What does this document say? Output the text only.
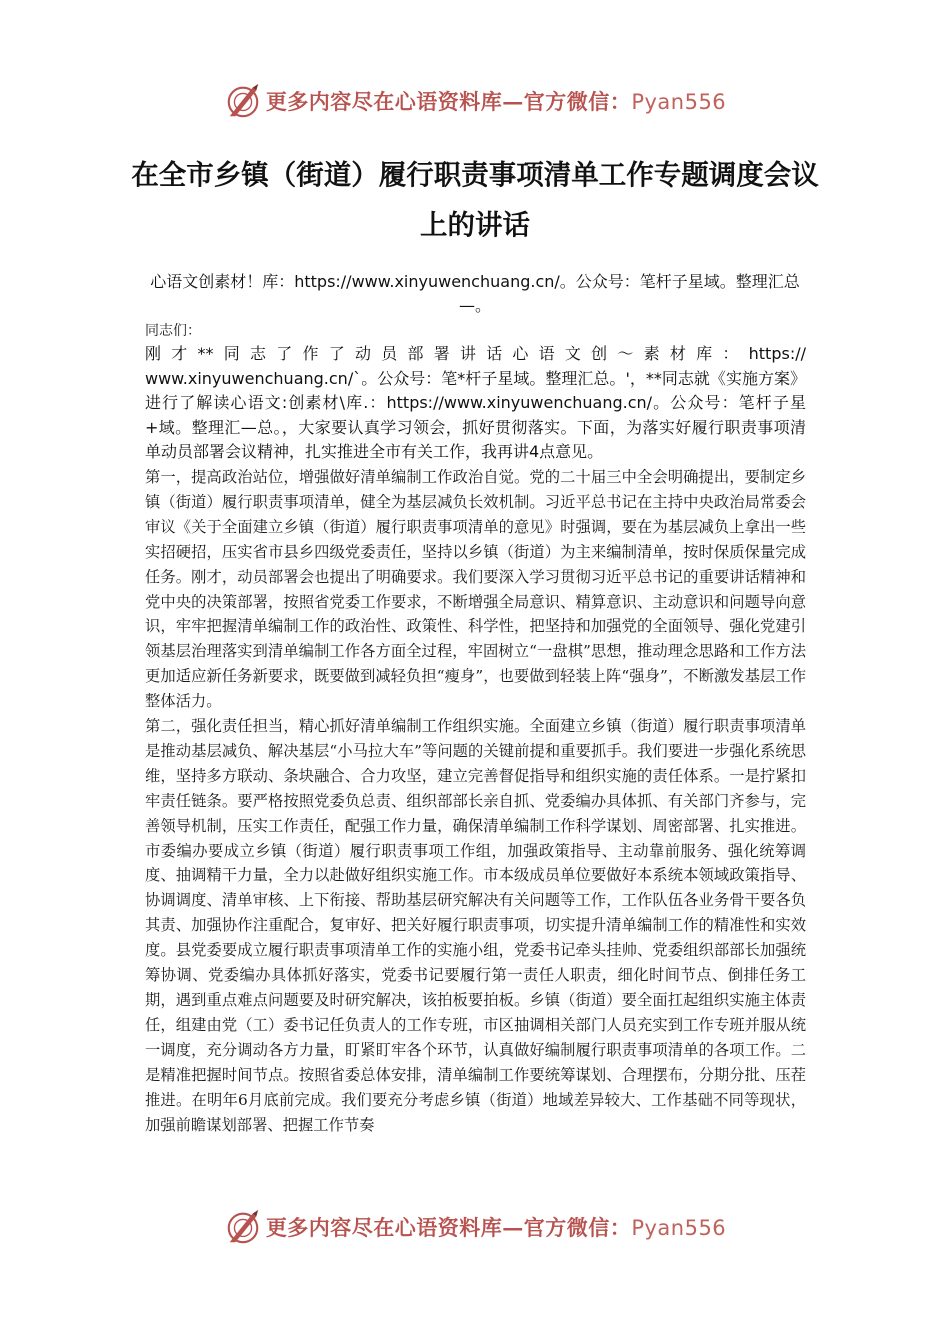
更多内容尽在心语资料库—官方微信：Pyan556
在全市乡镇（街道）履行职责事项清单工作专题调度会议上的讲话
心语文创素材！库：https://www.xinyuwenchuang.cn/。公众号：笔杆子星域。整理汇总—。

同志们：

刚才**同志了作了动员部署讲话心语文创～素材库：https://

www.xinyuwenchuang.cn/`。公众号：笔*杆子星域。整理汇总。'，**同志就《实施方案》进行了解读心语文:创素材\库.：https://www.xinyuwenchuang.cn/。公众号：笔杆子星+域。整理汇—总。，大家要认真学习领会，抓好贯彻落实。下面，为落实好履行职责事项清单动员部署会议精神，扎实推进全市有关工作，我再讲4点意见。

第一，提高政治站位，增强做好清单编制工作政治自觉。党的二十届三中全会明确提出，要制定乡镇（街道）履行职责事项清单，健全为基层减负长效机制。习近平总书记在主持中央政治局常委会审议《关于全面建立乡镇（街道）履行职责事项清单的意见》时强调，要在为基层减负上拿出一些实招硬招，压实省市县乡四级党委责任，坚持以乡镇（街道）为主来编制清单，按时保质保量完成任务。刚才，动员部署会也提出了明确要求。我们要深入学习贯彻习近平总书记的重要讲话精神和党中央的决策部署，按照省党委工作要求，不断增强全局意识、精算意识、主动意识和问题导向意识，牢牢把握清单编制工作的政治性、政策性、科学性，把坚持和加强党的全面领导、强化党建引领基层治理落实到清单编制工作各方面全过程，牢固树立“一盘棋”思想，推动理念思路和工作方法更加适应新任务新要求，既要做到减轻负担“瘦身”，也要做到轻装上阵“强身”，不断激发基层工作整体活力。

第二，强化责任担当，精心抓好清单编制工作组织实施。全面建立乡镇（街道）履行职责事项清单是推动基层减负、解决基层“小马拉大车”等问题的关键前提和重要抓手。我们要进一步强化系统思维，坚持多方联动、条块融合、合力攻坚，建立完善督促指导和组织实施的责任体系。一是拧紧扣牢责任链条。要严格按照党委负总责、组织部部长亲自抓、党委编办具体抓、有关部门齐参与，完善领导机制，压实工作责任，配强工作力量，确保清单编制工作科学谋划、周密部署、扎实推进。市委编办要成立乡镇（街道）履行职责事项工作组，加强政策指导、主动靠前服务、强化统筹调度、抽调精干力量，全力以赴做好组织实施工作。市本级成员单位要做好本系统本领域政策指导、协调调度、清单审核、上下衔接、帮助基层研究解决有关问题等工作，工作队伍各业务骨干要各负其责、加强协作注重配合，复审好、把关好履行职责事项，切实提升清单编制工作的精准性和实效度。县党委要成立履行职责事项清单工作的实施小组，党委书记牵头挂帅、党委组织部部长加强统筹协调、党委编办具体抓好落实，党委书记要履行第一责任人职责，细化时间节点、倒排任务工期，遇到重点难点问题要及时研究解决，该拍板要拍板。乡镇（街道）要全面扛起组织实施主体责任，组建由党（工）委书记任负责人的工作专班，市区抽调相关部门人员充实到工作专班并服从统一调度，充分调动各方力量，盯紧盯牢各个环节，认真做好编制履行职责事项清单的各项工作。二是精准把握时间节点。按照省委总体安排，清单编制工作要统筹谋划、合理摆布，分期分批、压茬推进。在明年6月底前完成。我们要充分考虑乡镇（街道）地域差异较大、工作基础不同等现状，加强前瞻谋划部署、把握工作节奏

更多内容尽在心语资料库—官方微信：Pyan556
